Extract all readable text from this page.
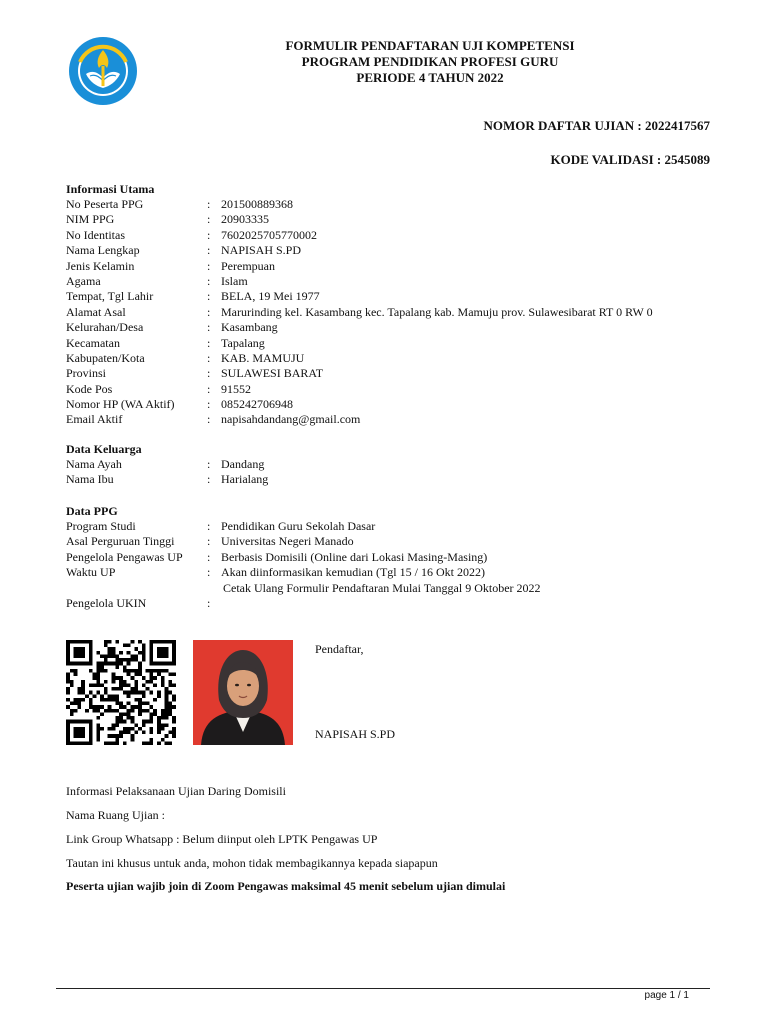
FORMULIR PENDAFTARAN UJI KOMPETENSI
PROGRAM PENDIDIKAN PROFESI GURU
PERIODE 4 TAHUN 2022
NOMOR DAFTAR UJIAN : 2022417567
KODE VALIDASI : 2545089
Informasi Utama
No Peserta PPG	: 201500889368
NIM PPG	: 20903335
No Identitas	: 7602025705770002
Nama Lengkap	: NAPISAH S.PD
Jenis Kelamin	: Perempuan
Agama	: Islam
Tempat, Tgl Lahir	: BELA, 19 Mei 1977
Alamat Asal	: Marurinding kel. Kasambang kec. Tapalang kab. Mamuju prov. Sulawesibarat RT 0 RW 0
Kelurahan/Desa	: Kasambang
Kecamatan	: Tapalang
Kabupaten/Kota	: KAB. MAMUJU
Provinsi	: SULAWESI BARAT
Kode Pos	: 91552
Nomor HP (WA Aktif)	: 085242706948
Email Aktif	: napisahdandang@gmail.com
Data Keluarga
Nama Ayah	: Dandang
Nama Ibu	: Harialang
Data PPG
Program Studi	: Pendidikan Guru Sekolah Dasar
Asal Perguruan Tinggi	: Universitas Negeri Manado
Pengelola Pengawas UP	: Berbasis Domisili (Online dari Lokasi Masing-Masing)
Waktu UP	: Akan diinformasikan kemudian (Tgl 15 / 16 Okt 2022)
Cetak Ulang Formulir Pendaftaran Mulai Tanggal 9 Oktober 2022
Pengelola UKIN	:
Pendaftar,
NAPISAH S.PD
Informasi Pelaksanaan Ujian Daring Domisili
Nama Ruang Ujian :
Link Group Whatsapp : Belum diinput oleh LPTK Pengawas UP
Tautan ini khusus untuk anda, mohon tidak membagikannya kepada siapapun
Peserta ujian wajib join di Zoom Pengawas maksimal 45 menit sebelum ujian dimulai
page 1 / 1
